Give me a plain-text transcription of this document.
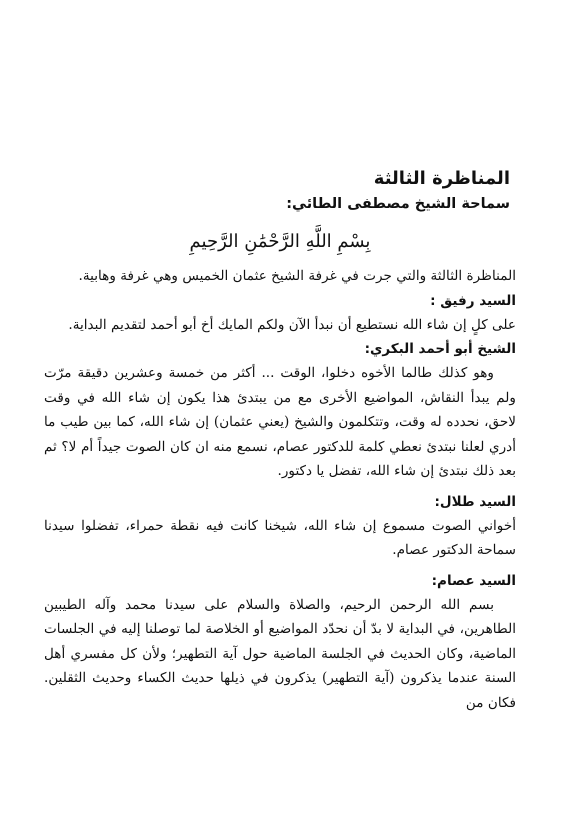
المناظرة الثالثة
سماحة الشيخ مصطفى الطائي:
بِسْمِ اللَّهِ الرَّحْمَٰنِ الرَّحِيمِ

المناظرة الثالثة والتي جرت في غرفة الشيخ عثمان الخميس وهي غرفة وهابية.

السيد رفيق :

على كلٍ إن شاء الله نستطيع أن نبدأ الآن ولكم المايك أخ أبو أحمد لتقديم البداية.

الشيخ أبو أحمد البكري:

وهو كذلك طالما الأخوه دخلوا، الوقت ... أكثر من خمسة وعشرين دقيقة مرّت ولم يبدأ النقاش، المواضيع الأخرى مع من يبتدئ هذا يكون إن شاء الله في وقت لاحق، نحدده له وقت، وتتكلمون والشيخ (يعني عثمان) إن شاء الله، كما بين طيب ما أدري لعلنا نبتدئ نعطي كلمة للدكتور عصام، نسمع منه ان كان الصوت جيداً أم لا؟ ثم بعد ذلك نبتدئ إن شاء الله، تفضل يا دكتور.

السيد طلال:

أخواني الصوت مسموع إن شاء الله، شيخنا كانت فيه نقطة حمراء، تفضلوا سيدنا سماحة الدكتور عصام.

السيد عصام:

بسم الله الرحمن الرحيم، والصلاة والسلام على سيدنا محمد وآله الطيبين الطاهرين، في البداية لا بدّ أن نحدّد المواضيع أو الخلاصة لما توصلنا إليه في الجلسات الماضية، وكان الحديث في الجلسة الماضية حول آية التطهير؛ ولأن كل مفسري أهل السنة عندما يذكرون (آية التطهير) يذكرون في ذيلها حديث الكساء وحديث الثقلين. فكان من
